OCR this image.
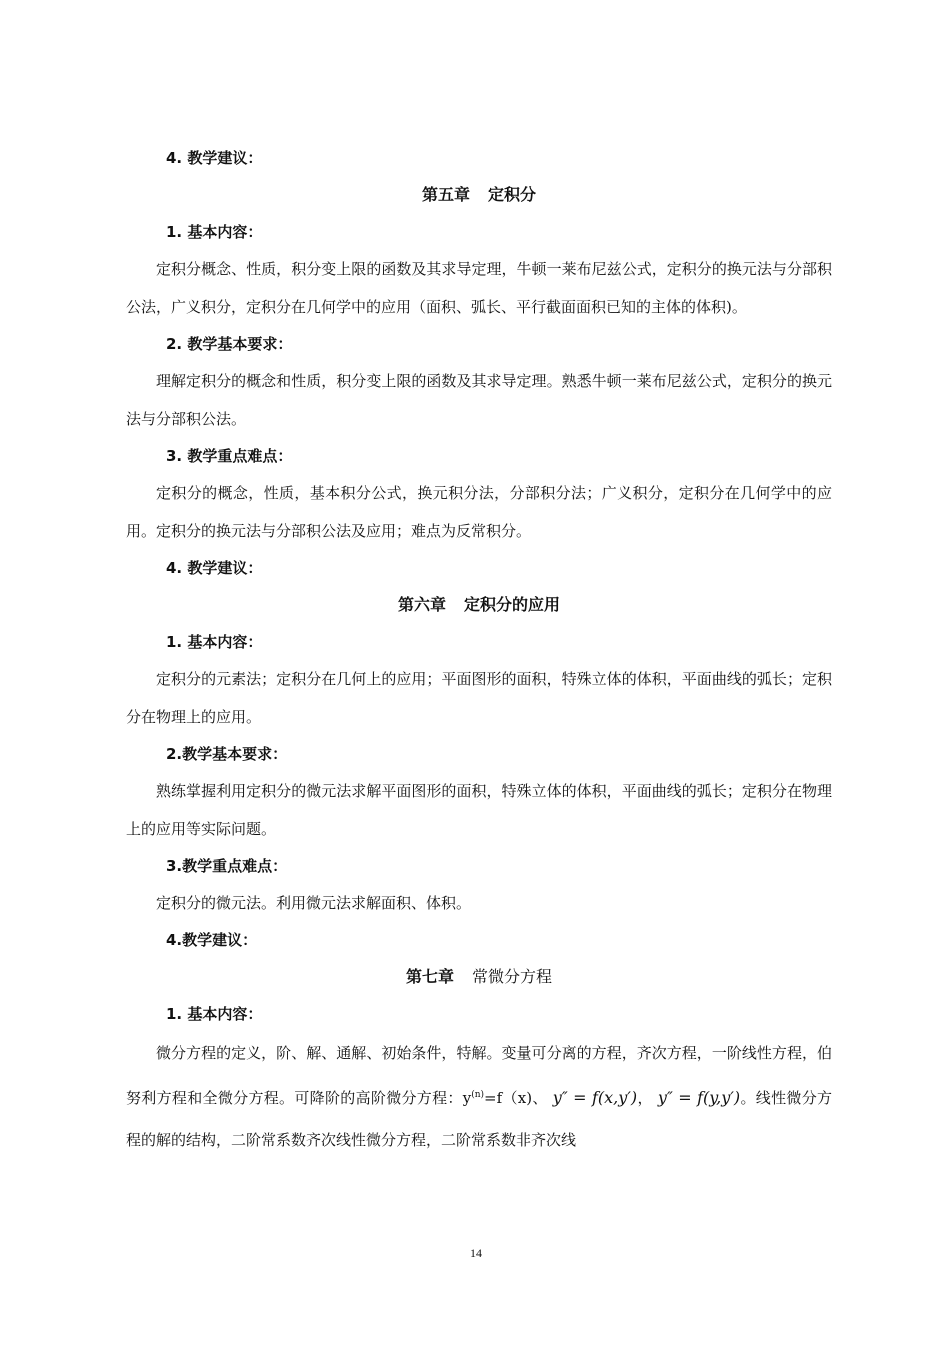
4. 教学建议：

第五章 定积分

1. 基本内容：

定积分概念、性质，积分变上限的函数及其求导定理，牛顿一莱布尼兹公式，定积分的换元法与分部积公法，广义积分，定积分在几何学中的应用（面积、弧长、平行截面面积已知的主体的体积)。

2. 教学基本要求：

理解定积分的概念和性质，积分变上限的函数及其求导定理。熟悉牛顿一莱布尼兹公式，定积分的换元法与分部积公法。

3. 教学重点难点：

定积分的概念，性质，基本积分公式，换元积分法，分部积分法；广义积分，定积分在几何学中的应用。定积分的换元法与分部积公法及应用；难点为反常积分。

4. 教学建议：

第六章 定积分的应用

1. 基本内容：

定积分的元素法；定积分在几何上的应用；平面图形的面积，特殊立体的体积，平面曲线的弧长；定积分在物理上的应用。

2.教学基本要求：

熟练掌握利用定积分的微元法求解平面图形的面积，特殊立体的体积，平面曲线的弧长；定积分在物理上的应用等实际问题。

3.教学重点难点：

定积分的微元法。利用微元法求解面积、体积。

4.教学建议：

第七章 常微分方程

1. 基本内容：

微分方程的定义，阶、解、通解、初始条件，特解。变量可分离的方程，齐次方程，一阶线性方程，伯努利方程和全微分方程。可降阶的高阶微分方程：$y^{(n)}=f(x)$、 y″ = f(x,y′)， y″ = f(y,y′)。线性微分方程的解的结构，二阶常系数齐次线性微分方程，二阶常系数非齐次线

14
